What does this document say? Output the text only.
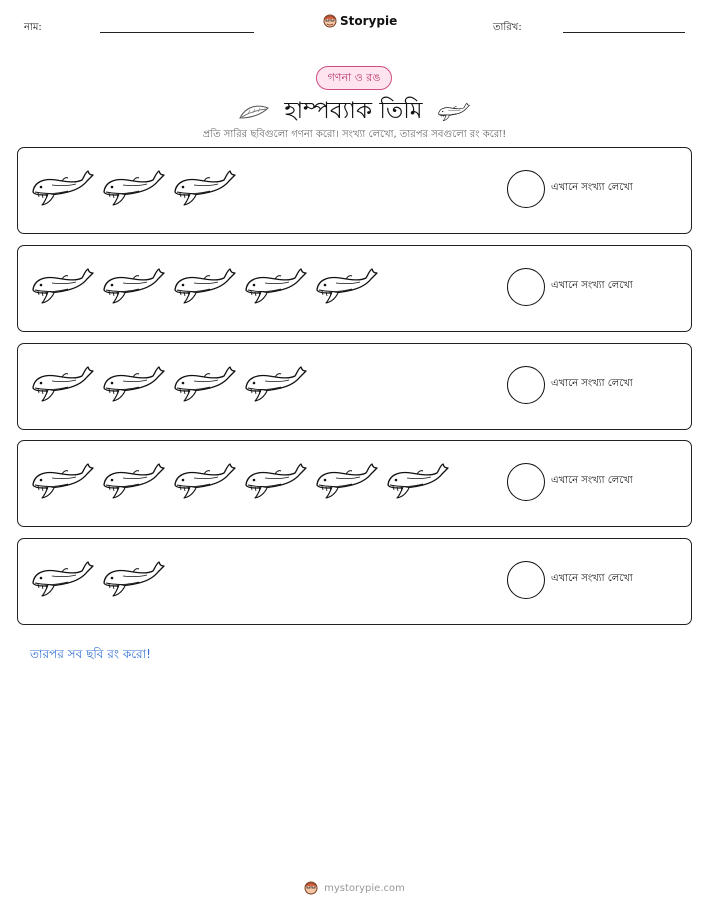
নাম:	Storypie	তারিখ:
গণনা ও রঙ
হাম্পব্যাক তিমি
প্রতি সারির ছবিগুলো গণনা করো। সংখ্যা লেখো, তারপর সবগুলো রং করো!
এখানে সংখ্যা লেখো
এখানে সংখ্যা লেখো
এখানে সংখ্যা লেখো
এখানে সংখ্যা লেখো
এখানে সংখ্যা লেখো
তারপর সব ছবি রং করো!
mystorypie.com
